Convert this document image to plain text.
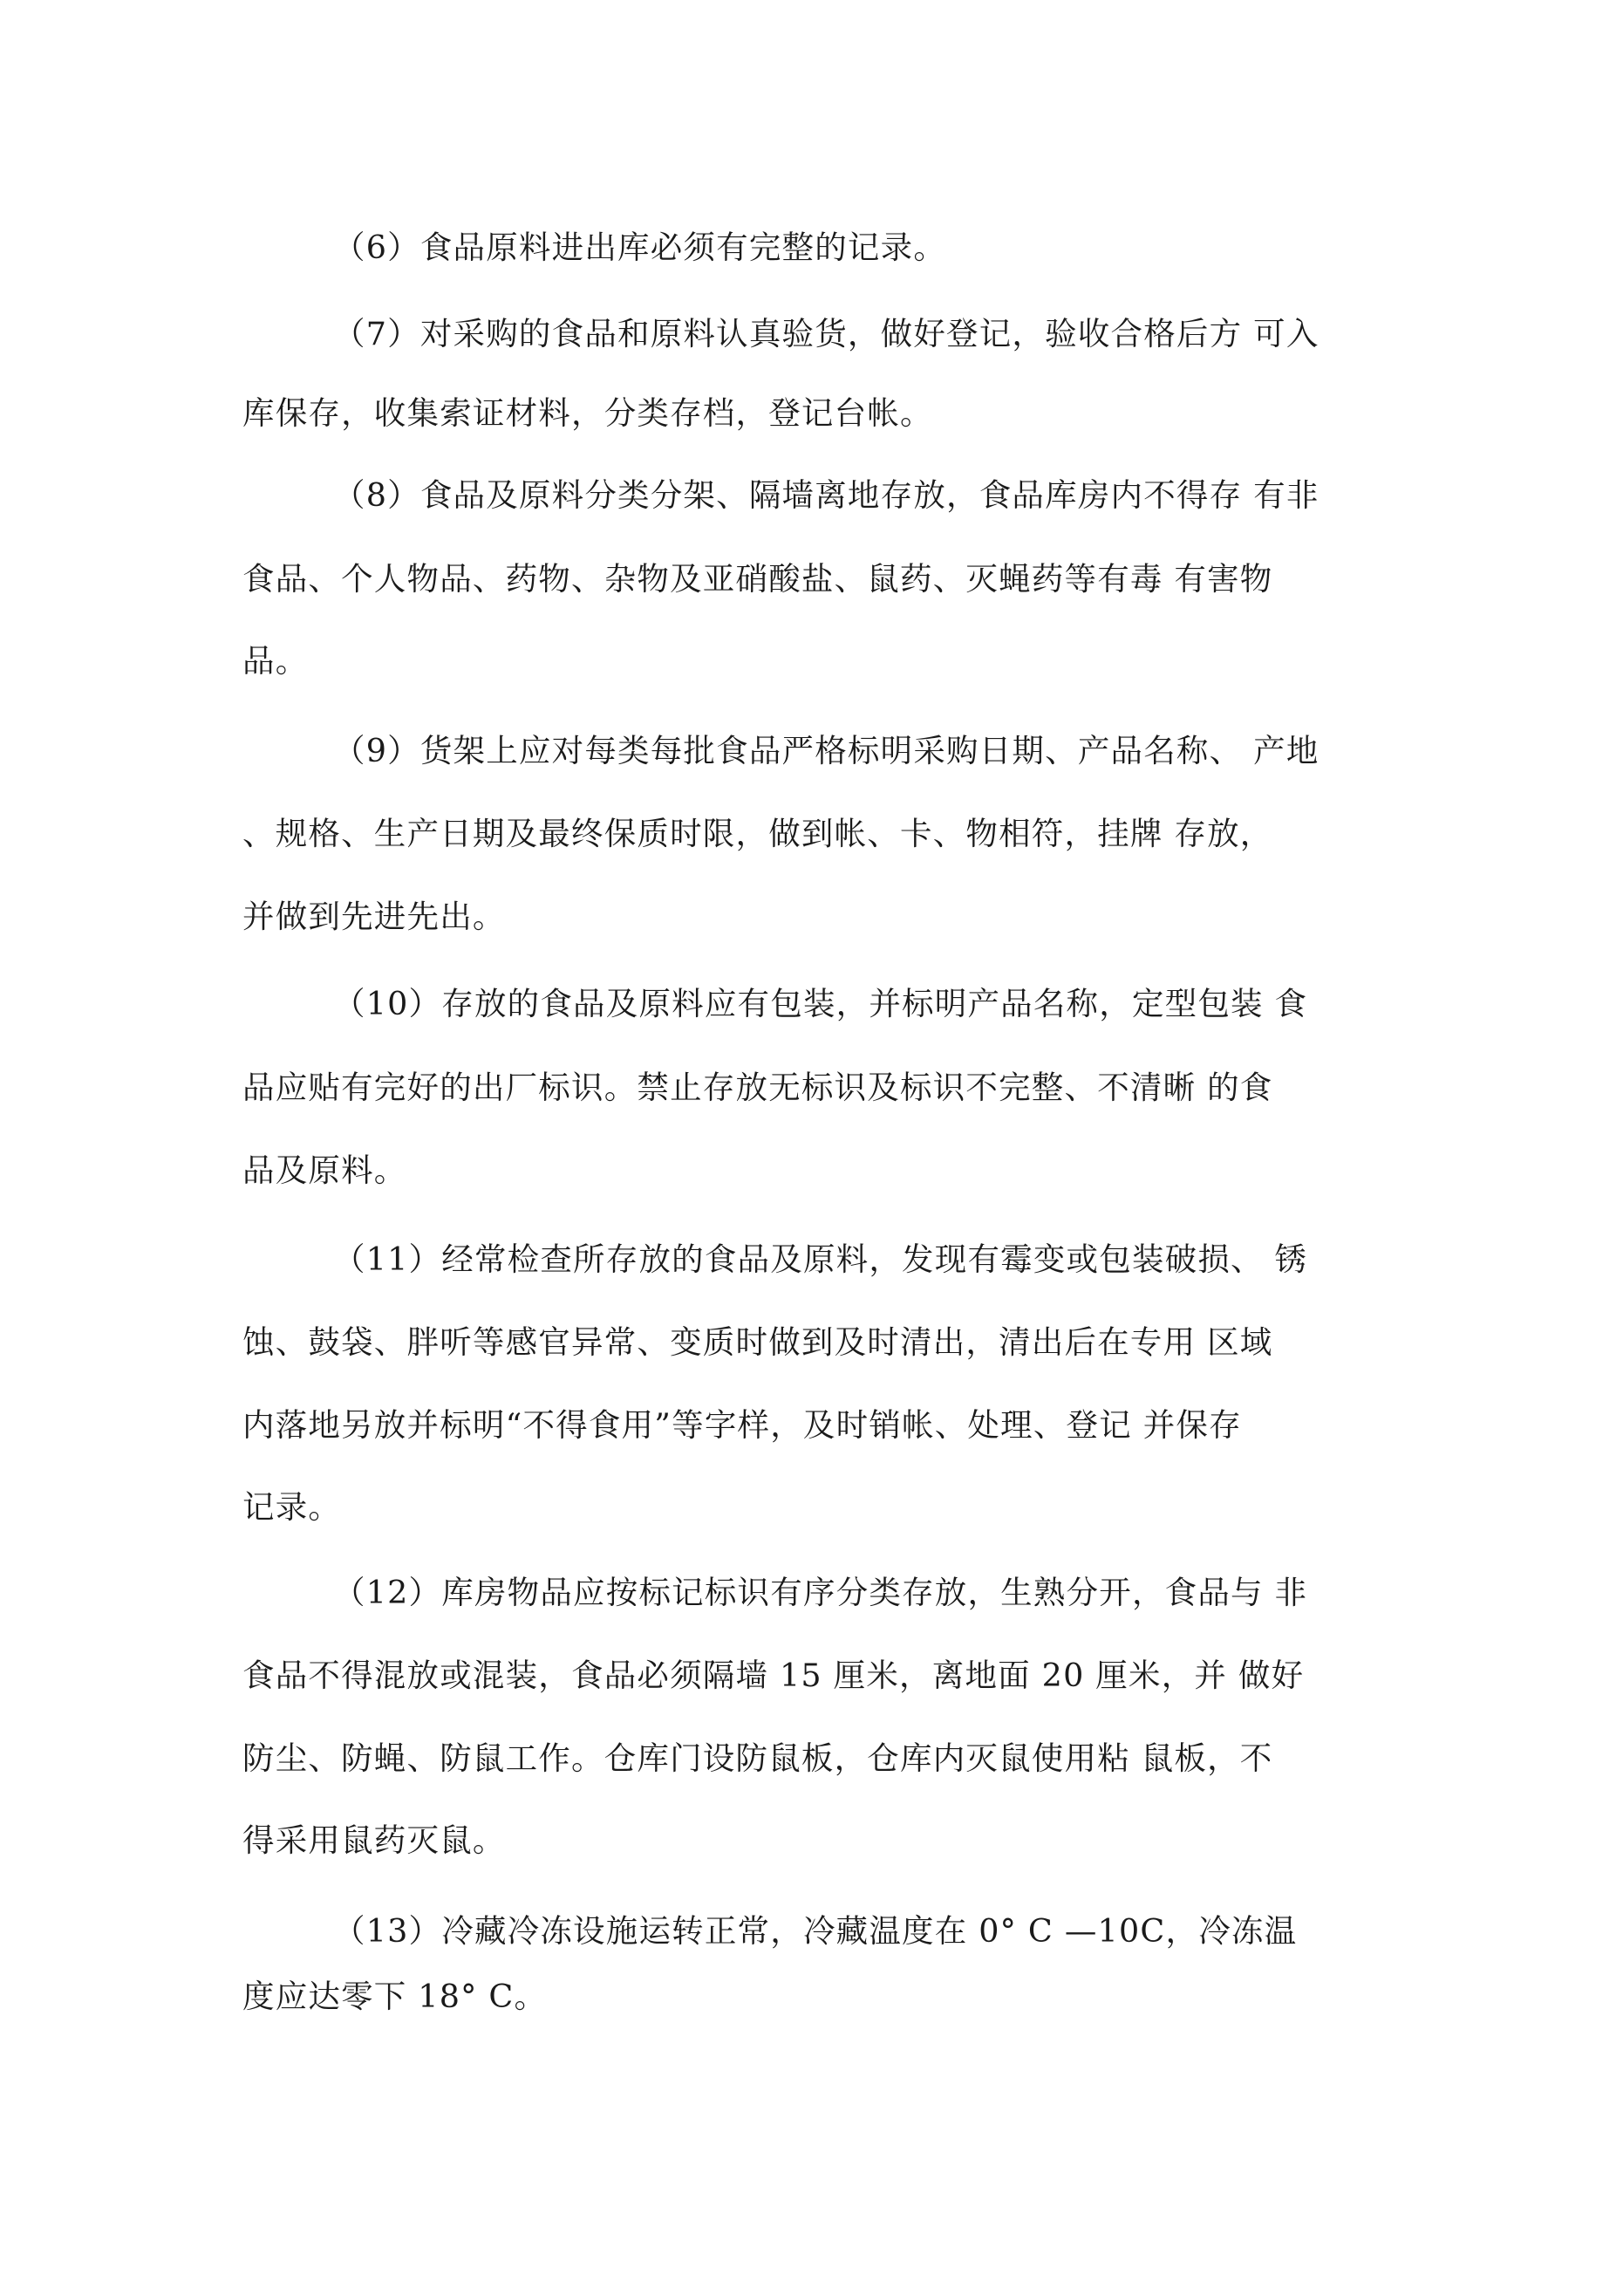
（6）食品原料进出库必须有完整的记录。
（7）对采购的食品和原料认真验货，做好登记，验收合格后方 可入
库保存，收集索证材料，分类存档，登记台帐。
（8）食品及原料分类分架、隔墙离地存放，食品库房内不得存 有非
食品、个人物品、药物、杂物及亚硝酸盐、鼠药、灭蝇药等有毒 有害物
品。
（9）货架上应对每类每批食品严格标明采购日期、产品名称、 产地
、规格、生产日期及最终保质时限，做到帐、卡、物相符，挂牌 存放，
并做到先进先出。
（10）存放的食品及原料应有包装，并标明产品名称，定型包装 食
品应贴有完好的出厂标识。禁止存放无标识及标识不完整、不清晰 的食
品及原料。
（11）经常检查所存放的食品及原料，发现有霉变或包装破损、 锈
蚀、鼓袋、胖听等感官异常、变质时做到及时清出，清出后在专用 区域
内落地另放并标明“不得食用”等字样，及时销帐、处理、登记 并保存
记录。
（12）库房物品应按标记标识有序分类存放，生熟分开，食品与 非
食品不得混放或混装，食品必须隔墙 15 厘米，离地面 20 厘米，并 做好
防尘、防蝇、防鼠工作。仓库门设防鼠板，仓库内灭鼠使用粘 鼠板，不
得采用鼠药灭鼠。
（13）冷藏冷冻设施运转正常，冷藏温度在 0° C —10C，冷冻温
度应达零下 18° C。
